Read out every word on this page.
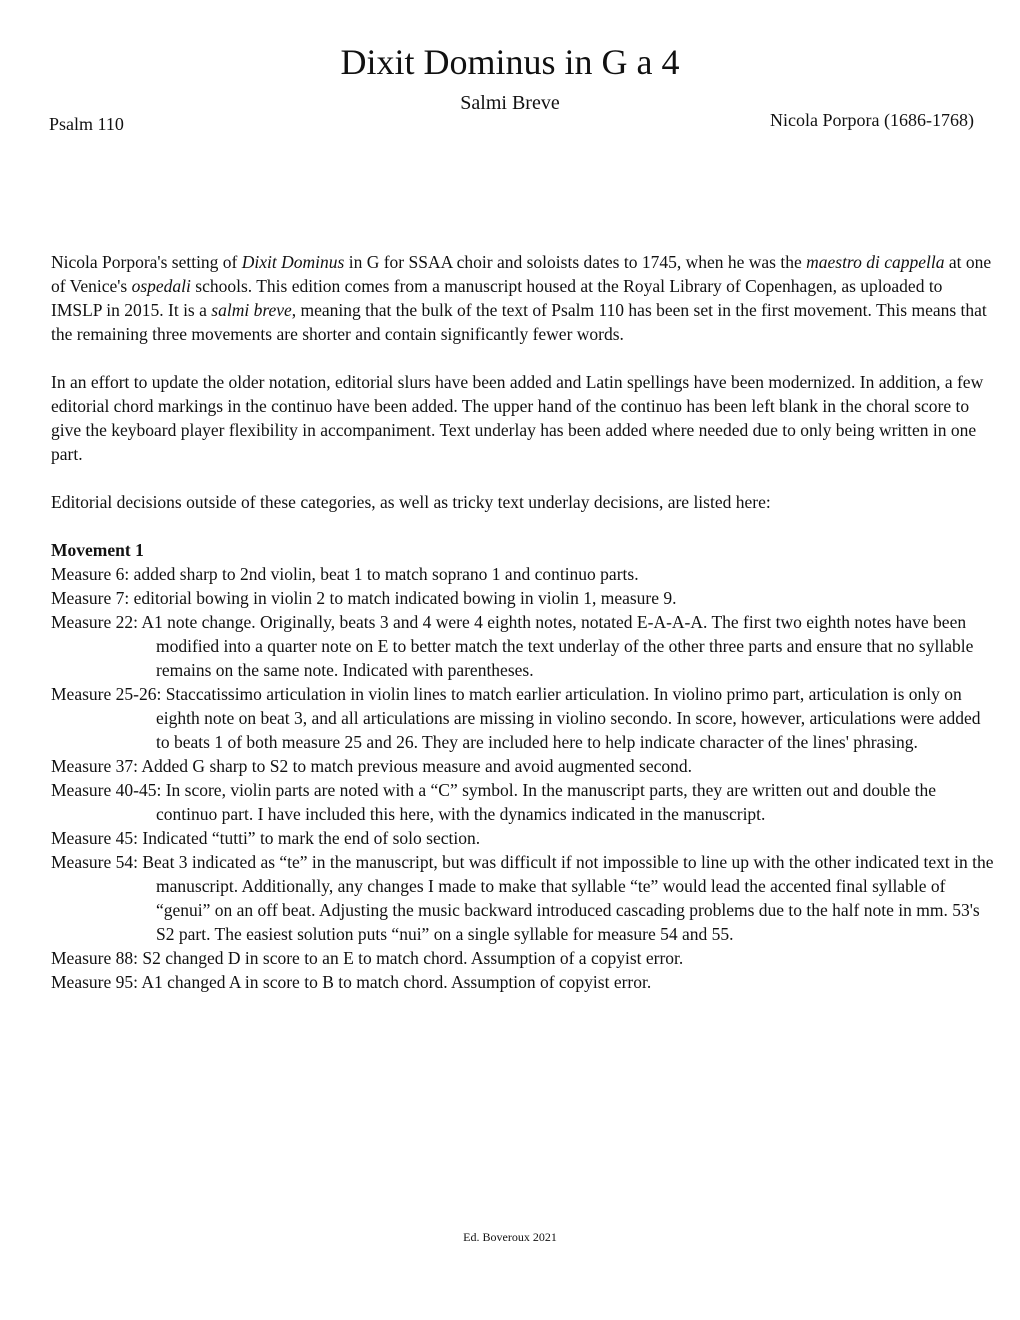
Dixit Dominus in G a 4
Salmi Breve
Psalm 110	Nicola Porpora (1686-1768)

Nicola Porpora's setting of Dixit Dominus in G for SSAA choir and soloists dates to 1745, when he was the maestro di cappella at one of Venice's ospedali schools. This edition comes from a manuscript housed at the Royal Library of Copenhagen, as uploaded to IMSLP in 2015. It is a salmi breve, meaning that the bulk of the text of Psalm 110 has been set in the first movement. This means that the remaining three movements are shorter and contain significantly fewer words.

In an effort to update the older notation, editorial slurs have been added and Latin spellings have been modernized. In addition, a few editorial chord markings in the continuo have been added. The upper hand of the continuo has been left blank in the choral score to give the keyboard player flexibility in accompaniment. Text underlay has been added where needed due to only being written in one part.

Editorial decisions outside of these categories, as well as tricky text underlay decisions, are listed here:

Movement 1

Measure 6: added sharp to 2nd violin, beat 1 to match soprano 1 and continuo parts.
Measure 7: editorial bowing in violin 2 to match indicated bowing in violin 1, measure 9.
Measure 22: A1 note change. Originally, beats 3 and 4 were 4 eighth notes, notated E-A-A-A. The first two eighth notes have been modified into a quarter note on E to better match the text underlay of the other three parts and ensure that no syllable remains on the same note. Indicated with parentheses.
Measure 25-26: Staccatissimo articulation in violin lines to match earlier articulation. In violino primo part, articulation is only on eighth note on beat 3, and all articulations are missing in violino secondo. In score, however, articulations were added to beats 1 of both measure 25 and 26. They are included here to help indicate character of the lines' phrasing.
Measure 37: Added G sharp to S2 to match previous measure and avoid augmented second.
Measure 40-45: In score, violin parts are noted with a “C” symbol. In the manuscript parts, they are written out and double the continuo part. I have included this here, with the dynamics indicated in the manuscript.
Measure 45: Indicated “tutti” to mark the end of solo section.
Measure 54: Beat 3 indicated as “te” in the manuscript, but was difficult if not impossible to line up with the other indicated text in the manuscript. Additionally, any changes I made to make that syllable “te” would lead the accented final syllable of “genui” on an off beat. Adjusting the music backward introduced cascading problems due to the half note in mm. 53's S2 part. The easiest solution puts “nui” on a single syllable for measure 54 and 55.
Measure 88: S2 changed D in score to an E to match chord. Assumption of a copyist error.
Measure 95: A1 changed A in score to B to match chord. Assumption of copyist error.
Ed. Boveroux 2021
